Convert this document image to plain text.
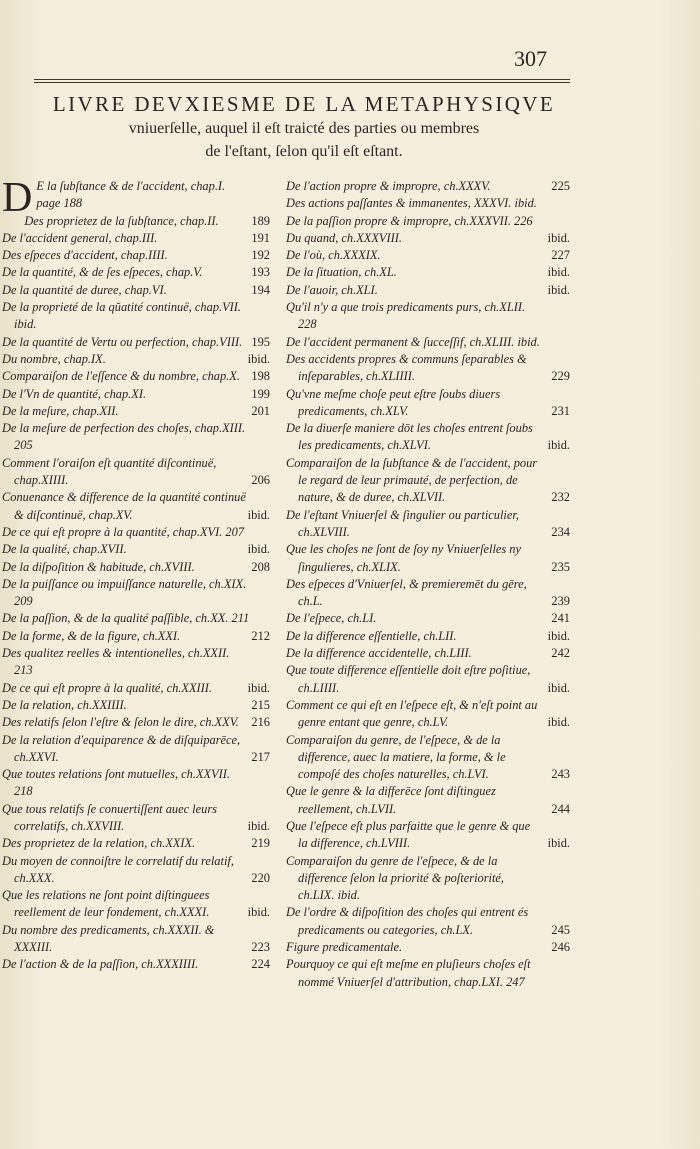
307
LIVRE DEVXIESME DE LA METAPHYSIQVE
vniuerſelle, auquel il eſt traicté des parties ou membres
de l'eſtant, ſelon qu'il eſt eſtant.
D E la ſubſtance & de l'accident, chap.I. page 188
Des proprietez de la ſubſtance, chap.II.	189
De l'accident general, chap.III.	191
Des eſpeces d'accident, chap.IIII.	192
De la quantité, & de ſes eſpeces, chap.V.	193
De la quantité de duree, chap.VI.	194
De la proprieté de la qŭatité continuë, chap.VII. ibid.
De la quantité de Vertu ou perfection, chap.VIII. 195
Du nombre, chap.IX.	ibid.
Comparaiſon de l'eſſence & du nombre, chap.X. 198
De l'Vn de quantité, chap.XI.	199
De la meſure, chap.XII.	201
De la meſure de perfection des choſes, chap.XIII. 205
Comment l'oraiſon eſt quantité diſcontinuë, chap.XIIII.	206
Conuenance & difference de la quantité continuë & diſcontinuë, chap.XV.	ibid.
De ce qui eſt propre à la quantité, chap.XVI. 207
De la qualité, chap.XVII.	ibid.
De la diſpoſition & habitude, ch.XVIII.	208
De la puiſſance ou impuiſſance naturelle, ch.XIX. 209
De la paſſion, & de la qualité paſſible, ch.XX. 211
De la forme, & de la figure, ch.XXI.	212
Des qualitez reelles & intentionelles, ch.XXII. 213
De ce qui eſt propre à la qualité, ch.XXIII.	ibid.
De la relation, ch.XXIIII.	215
Des relatifs ſelon l'eſtre & ſelon le dire, ch.XXV. 216
De la relation d'equiparence & de diſquiparēce, ch.XXVI.	217
Que toutes relations ſont mutuelles, ch.XXVII. 218
Que tous relatifs ſe conuertiſſent auec leurs correlatifs, ch.XXVIII.	ibid.
Des proprietez de la relation, ch.XXIX.	219
Du moyen de connoiſtre le correlatif du relatif, ch.XXX.	220
Que les relations ne ſont point diſtinguees reellement de leur fondement, ch.XXXI.	ibid.
Du nombre des predicaments, ch.XXXII. & XXXIII.	223
De l'action & de la paſſion, ch.XXXIIII.	224
De l'action propre & impropre, ch.XXXV.	225
Des actions paſſantes & immanentes, XXXVI. ibid.
De la paſſion propre & impropre, ch.XXXVII. 226
Du quand, ch.XXXVIII.	ibid.
De l'où, ch.XXXIX.	227
De la ſituation, ch.XL.	ibid.
De l'auoir, ch.XLI.	ibid.
Qu'il n'y a que trois predicaments purs, ch.XLII. 228
De l'accident permanent & ſucceſſif, ch.XLIII. ibid.
Des accidents propres & communs ſeparables & inſeparables, ch.XLIIII.	229
Qu'vne meſme choſe peut eſtre ſoubs diuers predicaments, ch.XLV.	231
De la diuerſe maniere dōt les choſes entrent ſoubs les predicaments, ch.XLVI.	ibid.
Comparaiſon de la ſubſtance & de l'accident, pour le regard de leur primauté, de perfection, de nature, & de duree, ch.XLVII.	232
De l'eſtant Vniuerſel & ſingulier ou particulier, ch.XLVIII.	234
Que les choſes ne ſont de ſoy ny Vniuerſelles ny ſingulieres, ch.XLIX.	235
Des eſpeces d'Vniuerſel, & premieremēt du gēre, ch.L.	239
De l'eſpece, ch.LI.	241
De la difference eſſentielle, ch.LII.	ibid.
De la difference accidentelle, ch.LIII.	242
Que toute difference eſſentielle doit eſtre poſitiue, ch.LIIII.	ibid.
Comment ce qui eſt en l'eſpece eſt, & n'eſt point au genre entant que genre, ch.LV.	ibid.
Comparaiſon du genre, de l'eſpece, & de la difference, auec la matiere, la forme, & le compoſé des choſes naturelles, ch.LVI.	243
Que le genre & la differēce ſont diſtinguez reellement, ch.LVII.	244
Que l'eſpece eſt plus parfaitte que le genre & que la difference, ch.LVIII.	ibid.
Comparaiſon du genre de l'eſpece, & de la difference ſelon la priorité & poſteriorité, ch.LIX. ibid.
De l'ordre & diſpoſition des choſes qui entrent és predicaments ou categories, ch.LX.	245
Figure predicamentale.	246
Pourquoy ce qui eſt meſme en pluſieurs choſes eſt nommé Vniuerſel d'attribution, chap.LXI. 247
